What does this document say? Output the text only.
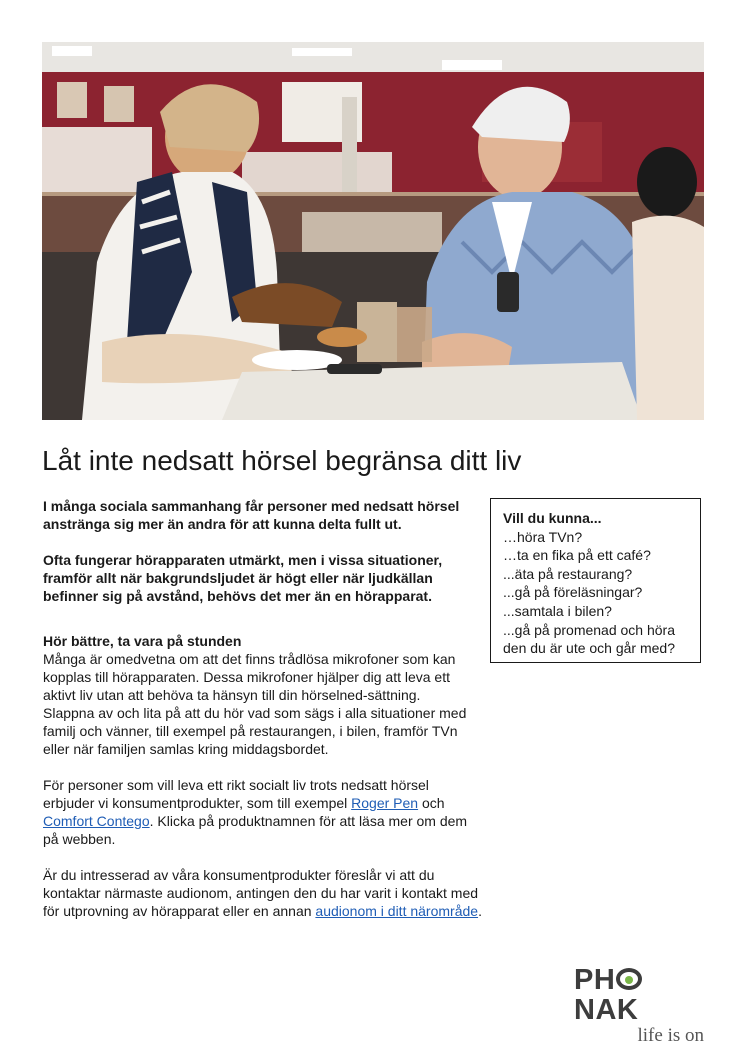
Låt inte nedsatt hörsel begränsa ditt liv

I många sociala sammanhang får personer med nedsatt hörsel anstränga sig mer än andra för att kunna delta fullt ut.

Ofta fungerar hörapparaten utmärkt, men i vissa situationer, framför allt när bakgrundsljudet är högt eller när ljudkällan befinner sig på avstånd, behövs det mer än en hörapparat.

Hör bättre, ta vara på stunden

Många är omedvetna om att det finns trådlösa mikrofoner som kan kopplas till hörapparaten. Dessa mikrofoner hjälper dig att leva ett aktivt liv utan att behöva ta hänsyn till din hörselned-sättning.

Slappna av och lita på att du hör vad som sägs i alla situationer med familj och vänner, till exempel på restaurangen, i bilen, framför TVn eller när familjen samlas kring middagsbordet.

För personer som vill leva ett rikt socialt liv trots nedsatt hörsel erbjuder vi konsumentprodukter, som till exempel Roger Pen och Comfort Contego. Klicka på produktnamnen för att läsa mer om dem på webben.

Är du intresserad av våra konsumentprodukter föreslår vi att du kontaktar närmaste audionom, antingen den du har varit i kontakt med för utprovning av hörapparat eller en annan audionom i ditt närområde.

Vill du kunna...
…höra TVn?
…ta en fika på ett café?
...äta på restaurang?
...gå på föreläsningar?
...samtala i bilen?
...gå på promenad och höra den du är ute och går med?
PH
NAK
life is on
